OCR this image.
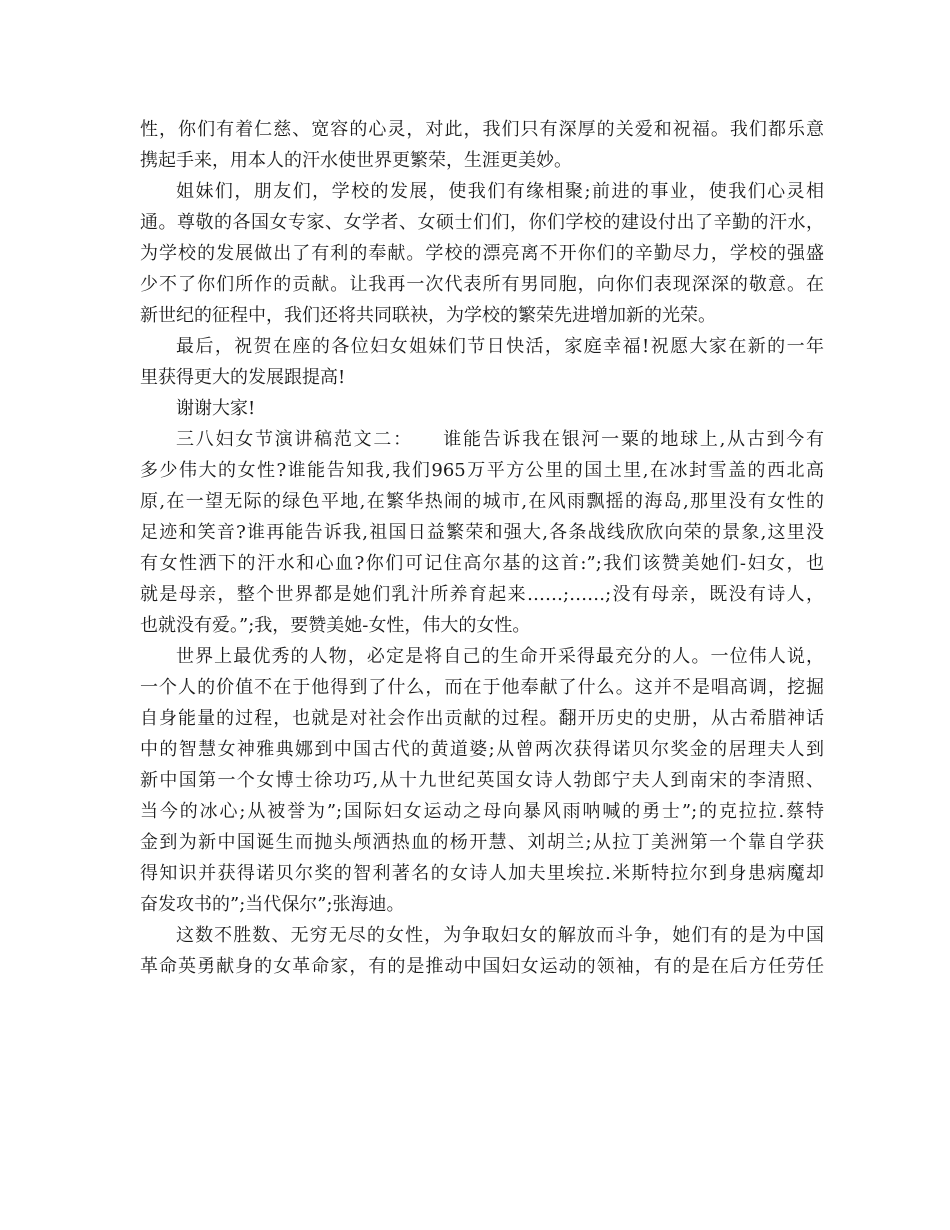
性，你们有着仁慈、宽容的心灵，对此，我们只有深厚的关爱和祝福。我们都乐意
携起手来，用本人的汗水使世界更繁荣，生涯更美妙。
姐妹们，朋友们，学校的发展，使我们有缘相聚;前进的事业，使我们心灵相
通。尊敬的各国女专家、女学者、女硕士们们，你们学校的建设付出了辛勤的汗水，
为学校的发展做出了有利的奉献。学校的漂亮离不开你们的辛勤尽力，学校的强盛
少不了你们所作的贡献。让我再一次代表所有男同胞，向你们表现深深的敬意。在
新世纪的征程中，我们还将共同联袂，为学校的繁荣先进增加新的光荣。
最后，祝贺在座的各位妇女姐妹们节日快活，家庭幸福!祝愿大家在新的一年
里获得更大的发展跟提高!
谢谢大家!
三八妇女节演讲稿范文二：　　谁能告诉我在银河一粟的地球上,从古到今有
多少伟大的女性?谁能告知我,我们965万平方公里的国土里,在冰封雪盖的西北高
原,在一望无际的绿色平地,在繁华热闹的城市,在风雨飘摇的海岛,那里没有女性的
足迹和笑音?谁再能告诉我,祖国日益繁荣和强大,各条战线欣欣向荣的景象,这里没
有女性洒下的汗水和心血?你们可记住高尔基的这首:”;我们该赞美她们-妇女，也
就是母亲，整个世界都是她们乳汁所养育起来……;……;没有母亲，既没有诗人，
也就没有爱。”;我，要赞美她-女性，伟大的女性。
世界上最优秀的人物，必定是将自己的生命开采得最充分的人。一位伟人说，
一个人的价值不在于他得到了什么，而在于他奉献了什么。这并不是唱高调，挖掘
自身能量的过程，也就是对社会作出贡献的过程。翻开历史的史册，从古希腊神话
中的智慧女神雅典娜到中国古代的黄道婆;从曾两次获得诺贝尔奖金的居理夫人到
新中国第一个女博士徐功巧,从十九世纪英国女诗人勃郎宁夫人到南宋的李清照、
当今的冰心;从被誉为”;国际妇女运动之母向暴风雨呐喊的勇士”;的克拉拉.蔡特
金到为新中国诞生而抛头颅洒热血的杨开慧、刘胡兰;从拉丁美洲第一个靠自学获
得知识并获得诺贝尔奖的智利著名的女诗人加夫里埃拉.米斯特拉尔到身患病魔却
奋发攻书的”;当代保尔”;张海迪。
这数不胜数、无穷无尽的女性，为争取妇女的解放而斗争，她们有的是为中国
革命英勇献身的女革命家，有的是推动中国妇女运动的领袖，有的是在后方任劳任
